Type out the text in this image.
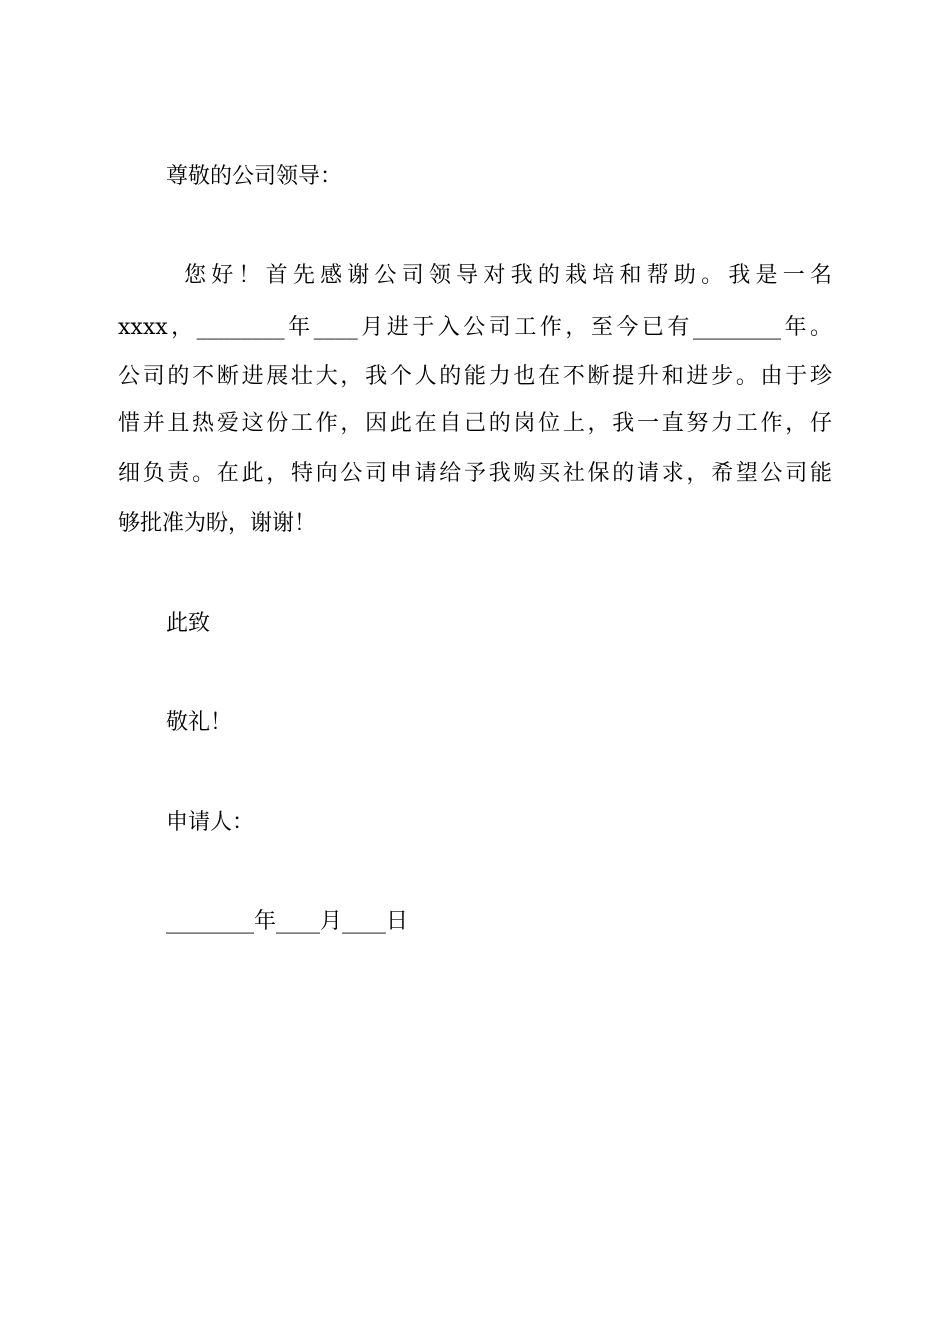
尊敬的公司领导：
您好！首先感谢公司领导对我的栽培和帮助。我是一名
xxxx，________年____月进于入公司工作，至今已有________年。
公司的不断进展壮大，我个人的能力也在不断提升和进步。由于珍
惜并且热爱这份工作，因此在自己的岗位上，我一直努力工作，仔
细负责。在此，特向公司申请给予我购买社保的请求，希望公司能
够批准为盼，谢谢！
此致
敬礼！
申请人：
________年____月____日
